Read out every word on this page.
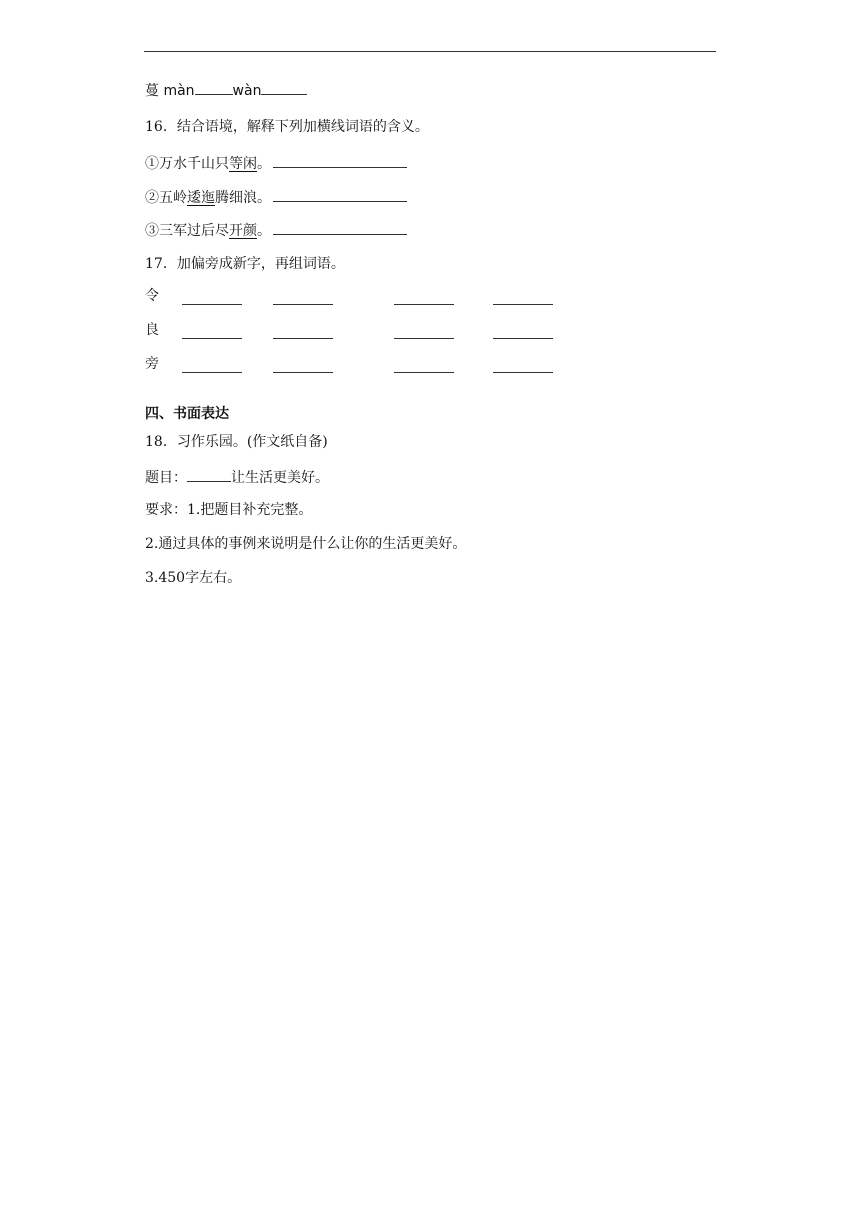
蔓 màn	wàn
16．结合语境，解释下列加横线词语的含义。
①万水千山只等闲。
②五岭逶迤腾细浪。
③三军过后尽开颜。
17．加偏旁成新字，再组词语。
令
良
旁
四、书面表达
18．习作乐园。(作文纸自备)
题目：	让生活更美好。
要求：1.把题目补充完整。
2.通过具体的事例来说明是什么让你的生活更美好。
3.450字左右。
